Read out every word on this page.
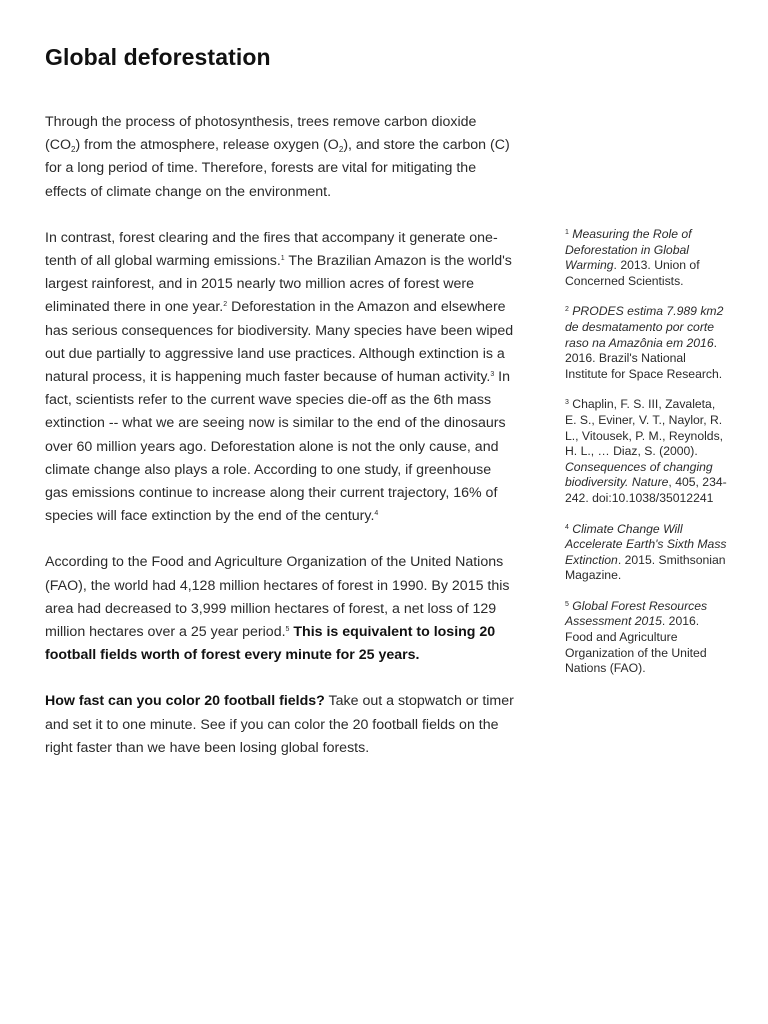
Global deforestation

Through the process of photosynthesis, trees remove carbon dioxide $(CO_2)$ from the atmosphere, release oxygen $(O_2)$, and store the carbon (C) for a long period of time. Therefore, forests are vital for mitigating the effects of climate change on the environment.

In contrast, forest clearing and the fires that accompany it generate one-tenth of all global warming emissions.$^1$ The Brazilian Amazon is the world's largest rainforest, and in 2015 nearly two million acres of forest were eliminated there in one year.$^2$ Deforestation in the Amazon and elsewhere has serious consequences for biodiversity. Many species have been wiped out due partially to aggressive land use practices. Although extinction is a natural process, it is happening much faster because of human activity.$^3$ In fact, scientists refer to the current wave species die-off as the 6th mass extinction -- what we are seeing now is similar to the end of the dinosaurs over 60 million years ago. Deforestation alone is not the only cause, and climate change also plays a role. According to one study, if greenhouse gas emissions continue to increase along their current trajectory, 16% of species will face extinction by the end of the century.$^4$

According to the Food and Agriculture Organization of the United Nations (FAO), the world had 4,128 million hectares of forest in 1990. By 2015 this area had decreased to 3,999 million hectares of forest, a net loss of 129 million hectares over a 25 year period.$^5$ This is equivalent to losing 20 football fields worth of forest every minute for 25 years.

How fast can you color 20 football fields? Take out a stopwatch or timer and set it to one minute. See if you can color the 20 football fields on the right faster than we have been losing global forests.

$^1$ Measuring the Role of Deforestation in Global Warming. 2013. Union of Concerned Scientists.
$^2$ PRODES estima 7.989 km2 de desmatamento por corte raso na Amazônia em 2016. 2016. Brazil's National Institute for Space Research.
$^3$ Chaplin, F. S. III, Zavaleta, E. S., Eviner, V. T., Naylor, R. L., Vitousek, P. M., Reynolds, H. L., … Diaz, S. (2000). Consequences of changing biodiversity. Nature, 405, 234-242. doi:10.1038/35012241
$^4$ Climate Change Will Accelerate Earth's Sixth Mass Extinction. 2015. Smithsonian Magazine.
$^5$ Global Forest Resources Assessment 2015. 2016. Food and Agriculture Organization of the United Nations (FAO).
